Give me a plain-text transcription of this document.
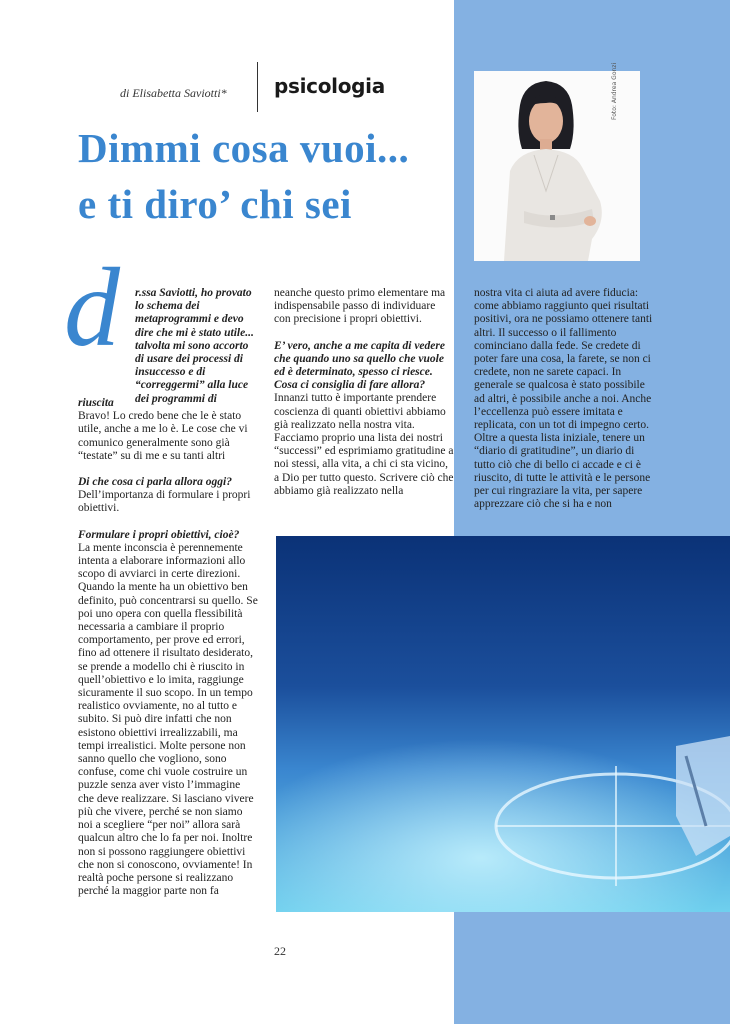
di Elisabetta Saviotti* psicologia
Dimmi cosa vuoi...
e ti diro’ chi sei
Foto: Andrea Gonzi
d r.ssa Saviotti, ho provato lo schema dei metaprogrammi e devo dire che mi è stato utile... talvolta mi sono accorto di usare dei processi di insuccesso e di “correggermi” alla luce dei programmi di

riuscita

Bravo! Lo credo bene che le è stato utile, anche a me lo è. Le cose che vi comunico generalmente sono già “testate” su di me e su tanti altri

Di che cosa ci parla allora oggi?

Dell’importanza di formulare i propri obiettivi.

Formulare i propri obiettivi, cioè?

La mente inconscia è perennemente intenta a elaborare informazioni allo scopo di avviarci in certe direzioni. Quando la mente ha un obiettivo ben definito, può concentrarsi su quello. Se poi uno opera con quella flessibilità necessaria a cambiare il proprio comportamento, per prove ed errori, fino ad ottenere il risultato desiderato, se prende a modello chi è riuscito in quell’obiettivo e lo imita, raggiunge sicuramente il suo scopo. In un tempo realistico ovviamente, no al tutto e subito. Si può dire infatti che non esistono obiettivi irrealizzabili, ma tempi irrealistici. Molte persone non sanno quello che vogliono, sono confuse, come chi vuole costruire un puzzle senza aver visto l’immagine che deve realizzare. Si lasciano vivere più che vivere, perché se non siamo noi a scegliere “per noi” allora sarà qualcun altro che lo fa per noi. Inoltre non si possono raggiungere obiettivi che non si conoscono, ovviamente! In realtà poche persone si realizzano perché la maggior parte non fa

neanche questo primo elementare ma indispensabile passo di individuare con precisione i propri obiettivi.

E’ vero, anche a me capita di vedere che quando uno sa quello che vuole ed è determinato, spesso ci riesce. Cosa ci consiglia di fare allora?

Innanzi tutto è importante prendere coscienza di quanti obiettivi abbiamo già realizzato nella nostra vita. Facciamo proprio una lista dei nostri “successi” ed esprimiamo gratitudine a noi stessi, alla vita, a chi ci sta vicino, a Dio per tutto questo. Scrivere ciò che abbiamo già realizzato nella

nostra vita ci aiuta ad avere fiducia: come abbiamo raggiunto quei risultati positivi, ora ne possiamo ottenere tanti altri. Il successo o il fallimento cominciano dalla fede. Se credete di poter fare una cosa, la farete, se non ci credete, non ne sarete capaci. In generale se qualcosa è stato possibile ad altri, è possibile anche a noi. Anche l’eccellenza può essere imitata e replicata, con un tot di impegno certo. Oltre a questa lista iniziale, tenere un “diario di gratitudine”, un diario di tutto ciò che di bello ci accade e ci è riuscito, di tutte le attività e le persone per cui ringraziare la vita, per sapere apprezzare ciò che si ha e non

22
